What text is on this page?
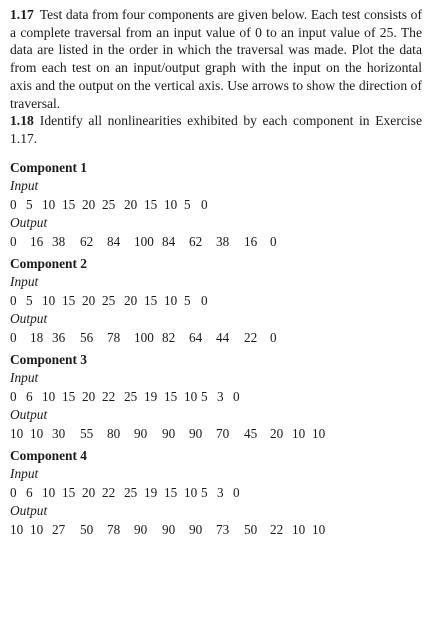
1.17 Test data from four components are given below. Each test consists of a complete traversal from an input value of 0 to an input value of 25. The data are listed in the order in which the traversal was made. Plot the data from each test on an input/output graph with the input on the horizontal axis and the output on the vertical axis. Use arrows to show the direction of traversal.

1.18 Identify all nonlinearities exhibited by each component in Exercise 1.17.

Component 1

Input

0 5 10 15 20 25 20 15 10 5 0

Output

0	16 38	62	84	100 84	62	38	16 0

Component 2

Input

0 5 10 15 20 25 20 15 10 5 0

Output

0	18 36	56	78	100 82	64	44	22 0

Component 3

Input

0 6 10 15 20 22 25 19 15 10 5 3 0

Output

10 10 30	55	80	90	90	90	70	45 20 10 10

Component 4

Input

0 6 10 15 20 22 25 19 15 10 5 3 0

Output

10 10 27	50	78	90	90	90	73	50 22 10 10
